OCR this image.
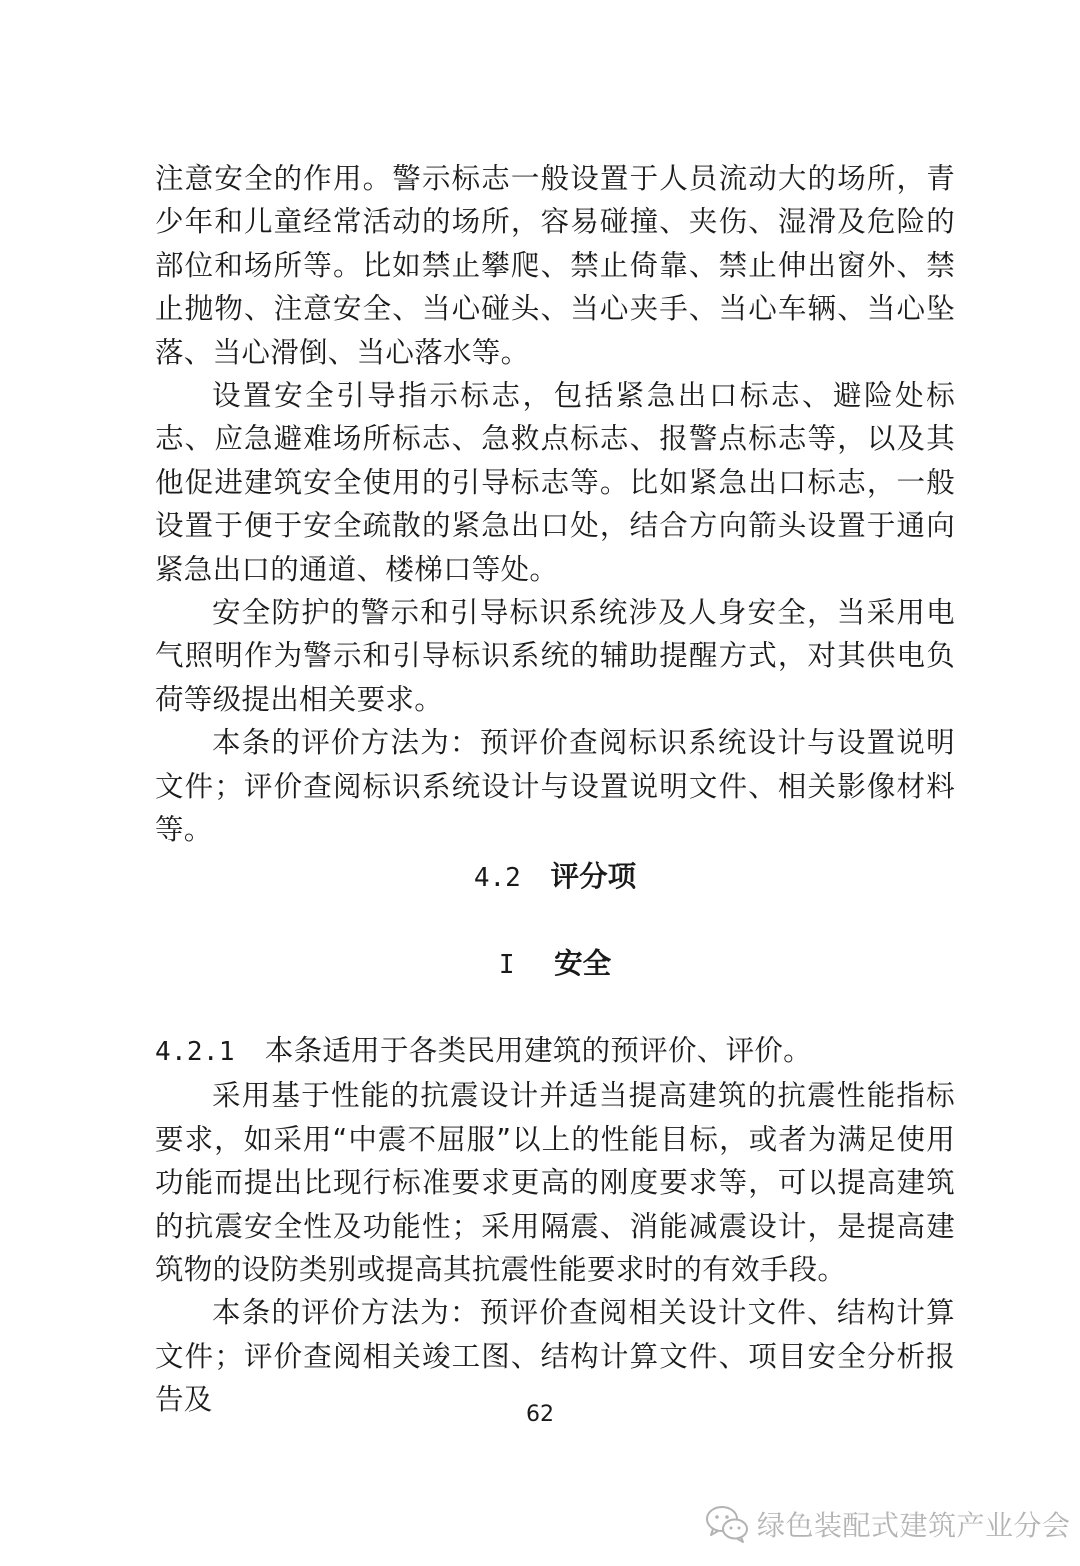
注意安全的作用。警示标志一般设置于人员流动大的场所，青少年和儿童经常活动的场所，容易碰撞、夹伤、湿滑及危险的部位和场所等。比如禁止攀爬、禁止倚靠、禁止伸出窗外、禁止抛物、注意安全、当心碰头、当心夹手、当心车辆、当心坠落、当心滑倒、当心落水等。

设置安全引导指示标志，包括紧急出口标志、避险处标志、应急避难场所标志、急救点标志、报警点标志等，以及其他促进建筑安全使用的引导标志等。比如紧急出口标志，一般设置于便于安全疏散的紧急出口处，结合方向箭头设置于通向紧急出口的通道、楼梯口等处。

安全防护的警示和引导标识系统涉及人身安全，当采用电气照明作为警示和引导标识系统的辅助提醒方式，对其供电负荷等级提出相关要求。

本条的评价方法为：预评价查阅标识系统设计与设置说明文件；评价查阅标识系统设计与设置说明文件、相关影像材料等。

4.2 评分项
I 安全

4.2.1 本条适用于各类民用建筑的预评价、评价。

采用基于性能的抗震设计并适当提高建筑的抗震性能指标要求，如采用“中震不屈服”以上的性能目标，或者为满足使用功能而提出比现行标准要求更高的刚度要求等，可以提高建筑的抗震安全性及功能性；采用隔震、消能减震设计，是提高建筑物的设防类别或提高其抗震性能要求时的有效手段。

本条的评价方法为：预评价查阅相关设计文件、结构计算文件；评价查阅相关竣工图、结构计算文件、项目安全分析报告及	62

绿色装配式建筑产业分会
